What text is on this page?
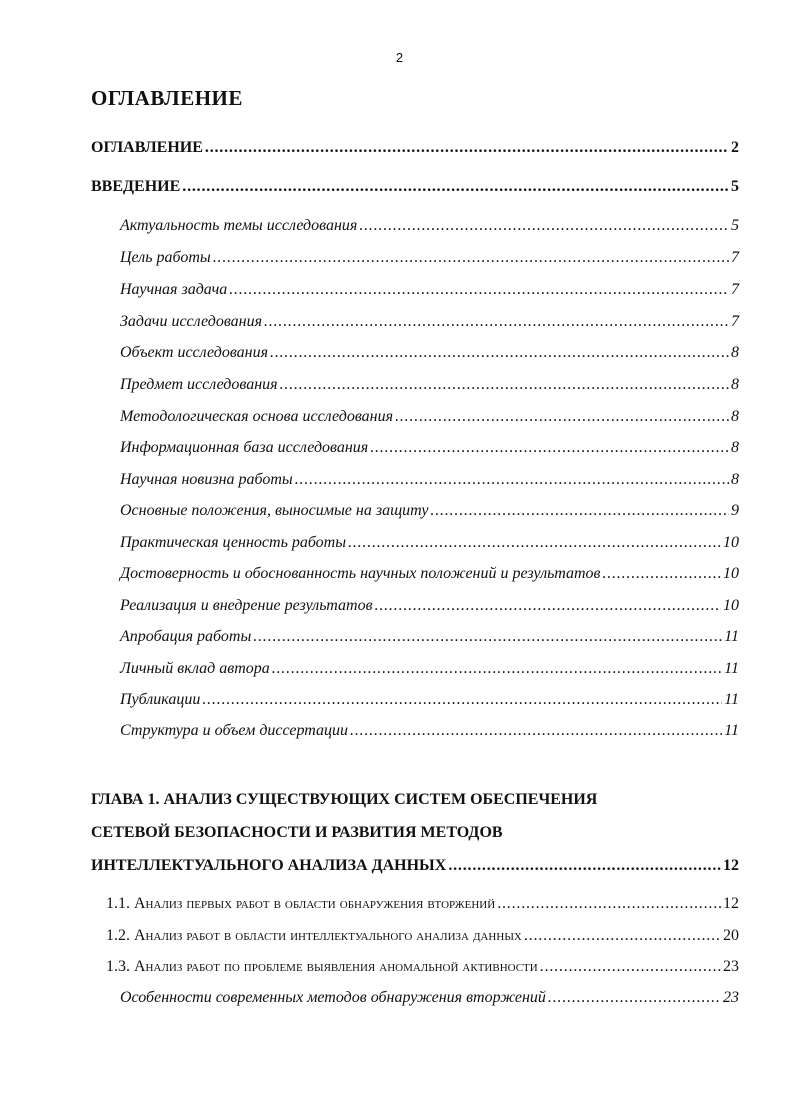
2
ОГЛАВЛЕНИЕ
ОГЛАВЛЕНИЕ . . .	2
ВВЕДЕНИЕ . . .	5
Актуальность темы исследования . . .	5
Цель работы . . .	7
Научная задача . . .	7
Задачи исследования . . .	7
Объект исследования . . .	8
Предмет исследования . . .	8
Методологическая основа исследования . . .	8
Информационная база исследования . . .	8
Научная новизна работы . . .	8
Основные положения, выносимые на защиту . . .	9
Практическая ценность работы . . .	10
Достоверность и обоснованность научных положений и результатов . . .	10
Реализация и внедрение результатов . . .	10
Апробация работы . . .	11
Личный вклад автора . . .	11
Публикации . . .	11
Структура и объем диссертации . . .	11
ГЛАВА 1. АНАЛИЗ СУЩЕСТВУЮЩИХ СИСТЕМ ОБЕСПЕЧЕНИЯ
СЕТЕВОЙ БЕЗОПАСНОСТИ И РАЗВИТИЯ МЕТОДОВ
ИНТЕЛЛЕКТУАЛЬНОГО АНАЛИЗА ДАННЫХ . . .	12
1.1. Анализ первых работ в области обнаружения вторжений . . .	12
1.2. Анализ работ в области интеллектуального анализа данных . . .	20
1.3. Анализ работ по проблеме выявления аномальной активности . . .	23
Особенности современных методов обнаружения вторжений . . .	23
